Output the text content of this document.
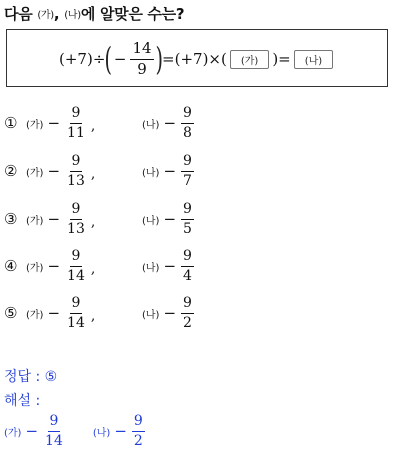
다음 (가), (나)에 알맞은 수는?
(+7)÷ ( − $\frac{14}{9}$ ) =(+7)×(	(가) )=	(나)
① (가) − $\frac{9}{11}$ ,	(나) − $\frac{9}{8}$
② (가) − $\frac{9}{13}$ ,	(나) − $\frac{9}{7}$
③ (가) − $\frac{9}{13}$ ,	(나) − $\frac{9}{5}$
④ (가) − $\frac{9}{14}$ ,	(나) − $\frac{9}{4}$
⑤ (가) − $\frac{9}{14}$ ,	(나) − $\frac{9}{2}$
정답 : ⑤
해설 :
(가) − $\frac{9}{14}$	(나) − $\frac{9}{2}$
